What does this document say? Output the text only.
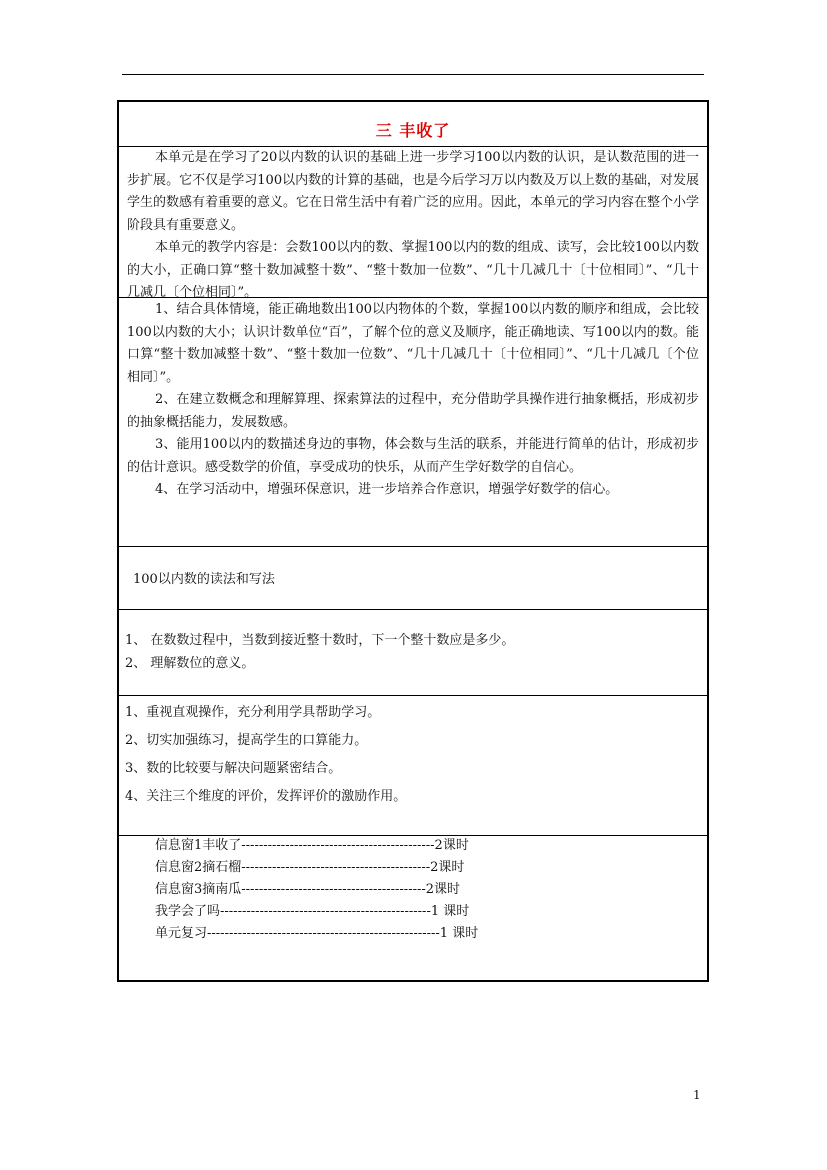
三 丰收了

本单元是在学习了20以内数的认识的基础上进一步学习100以内数的认识，是认数范围的进一步扩展。它不仅是学习100以内数的计算的基础，也是今后学习万以内数及万以上数的基础，对发展学生的数感有着重要的意义。它在日常生活中有着广泛的应用。因此，本单元的学习内容在整个小学阶段具有重要意义。

本单元的教学内容是：会数100以内的数、掌握100以内的数的组成、读写，会比较100以内数的大小，正确口算“整十数加减整十数”、“整十数加一位数”、“几十几减几十〔十位相同〕”、“几十几减几〔个位相同〕”。

1、结合具体情境，能正确地数出100以内物体的个数，掌握100以内数的顺序和组成，会比较100以内数的大小；认识计数单位“百”，了解个位的意义及顺序，能正确地读、写100以内的数。能口算“整十数加减整十数”、“整十数加一位数”、“几十几减几十〔十位相同〕”、“几十几减几〔个位相同〕”。

2、在建立数概念和理解算理、探索算法的过程中，充分借助学具操作进行抽象概括，形成初步的抽象概括能力，发展数感。

3、能用100以内的数描述身边的事物，体会数与生活的联系，并能进行简单的估计，形成初步的估计意识。感受数学的价值，享受成功的快乐，从而产生学好数学的自信心。

4、在学习活动中，增强环保意识，进一步培养合作意识，增强学好数学的信心。

100以内数的读法和写法

1、 在数数过程中，当数到接近整十数时，下一个整十数应是多少。

2、 理解数位的意义。

1、重视直观操作，充分利用学具帮助学习。

2、切实加强练习，提高学生的口算能力。

3、数的比较要与解决问题紧密结合。

4、关注三个维度的评价，发挥评价的激励作用。

信息窗1丰收了--------------------------------------------2课时

信息窗2摘石榴-------------------------------------------2课时

信息窗3摘南瓜------------------------------------------2课时

我学会了吗------------------------------------------------1 课时

单元复习-----------------------------------------------------1 课时

1
